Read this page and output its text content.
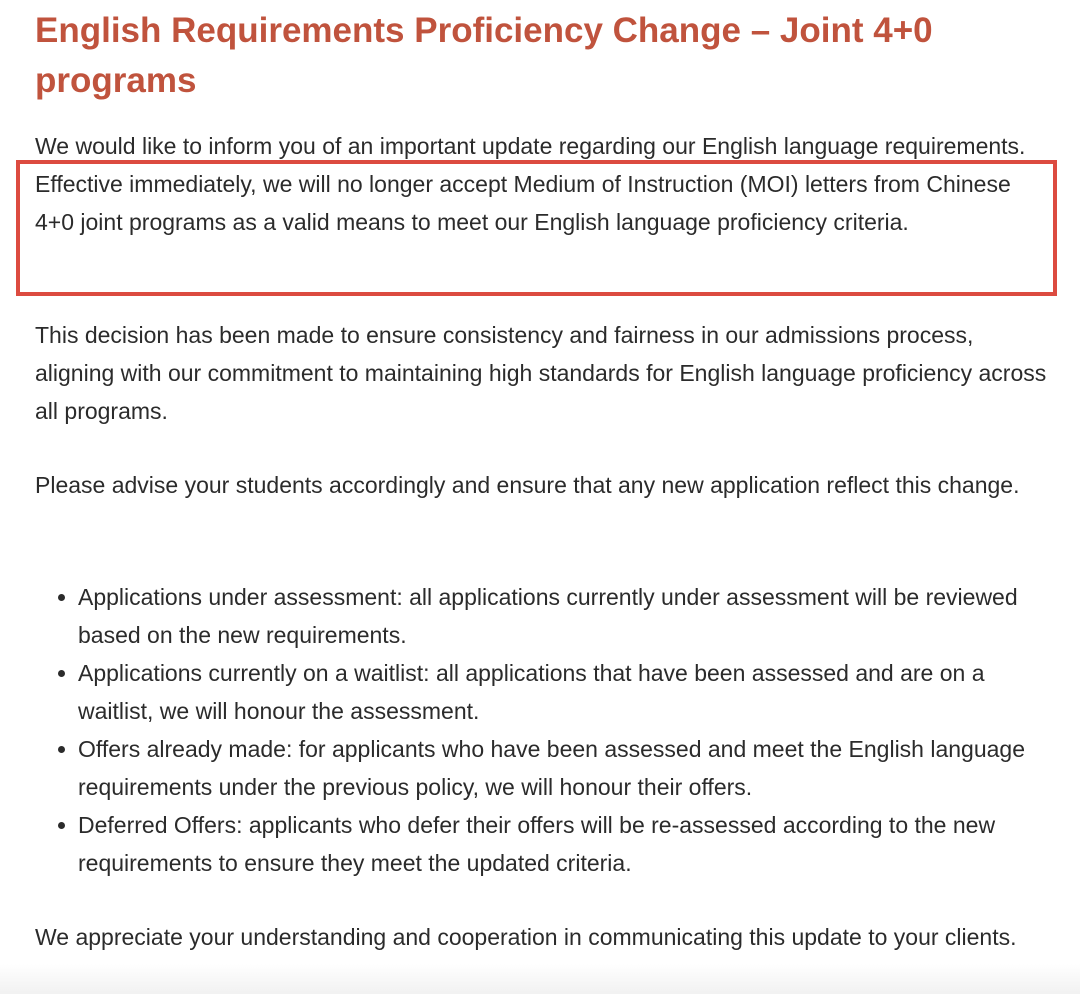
English Requirements Proficiency Change – Joint 4+0 programs

We would like to inform you of an important update regarding our English language requirements. Effective immediately, we will no longer accept Medium of Instruction (MOI) letters from Chinese 4+0 joint programs as a valid means to meet our English language proficiency criteria.

This decision has been made to ensure consistency and fairness in our admissions process, aligning with our commitment to maintaining high standards for English language proficiency across all programs.

Please advise your students accordingly and ensure that any new application reflect this change.

Applications under assessment: all applications currently under assessment will be reviewed based on the new requirements.
Applications currently on a waitlist: all applications that have been assessed and are on a waitlist, we will honour the assessment.
Offers already made: for applicants who have been assessed and meet the English language requirements under the previous policy, we will honour their offers.
Deferred Offers: applicants who defer their offers will be re-assessed according to the new requirements to ensure they meet the updated criteria.

We appreciate your understanding and cooperation in communicating this update to your clients.
